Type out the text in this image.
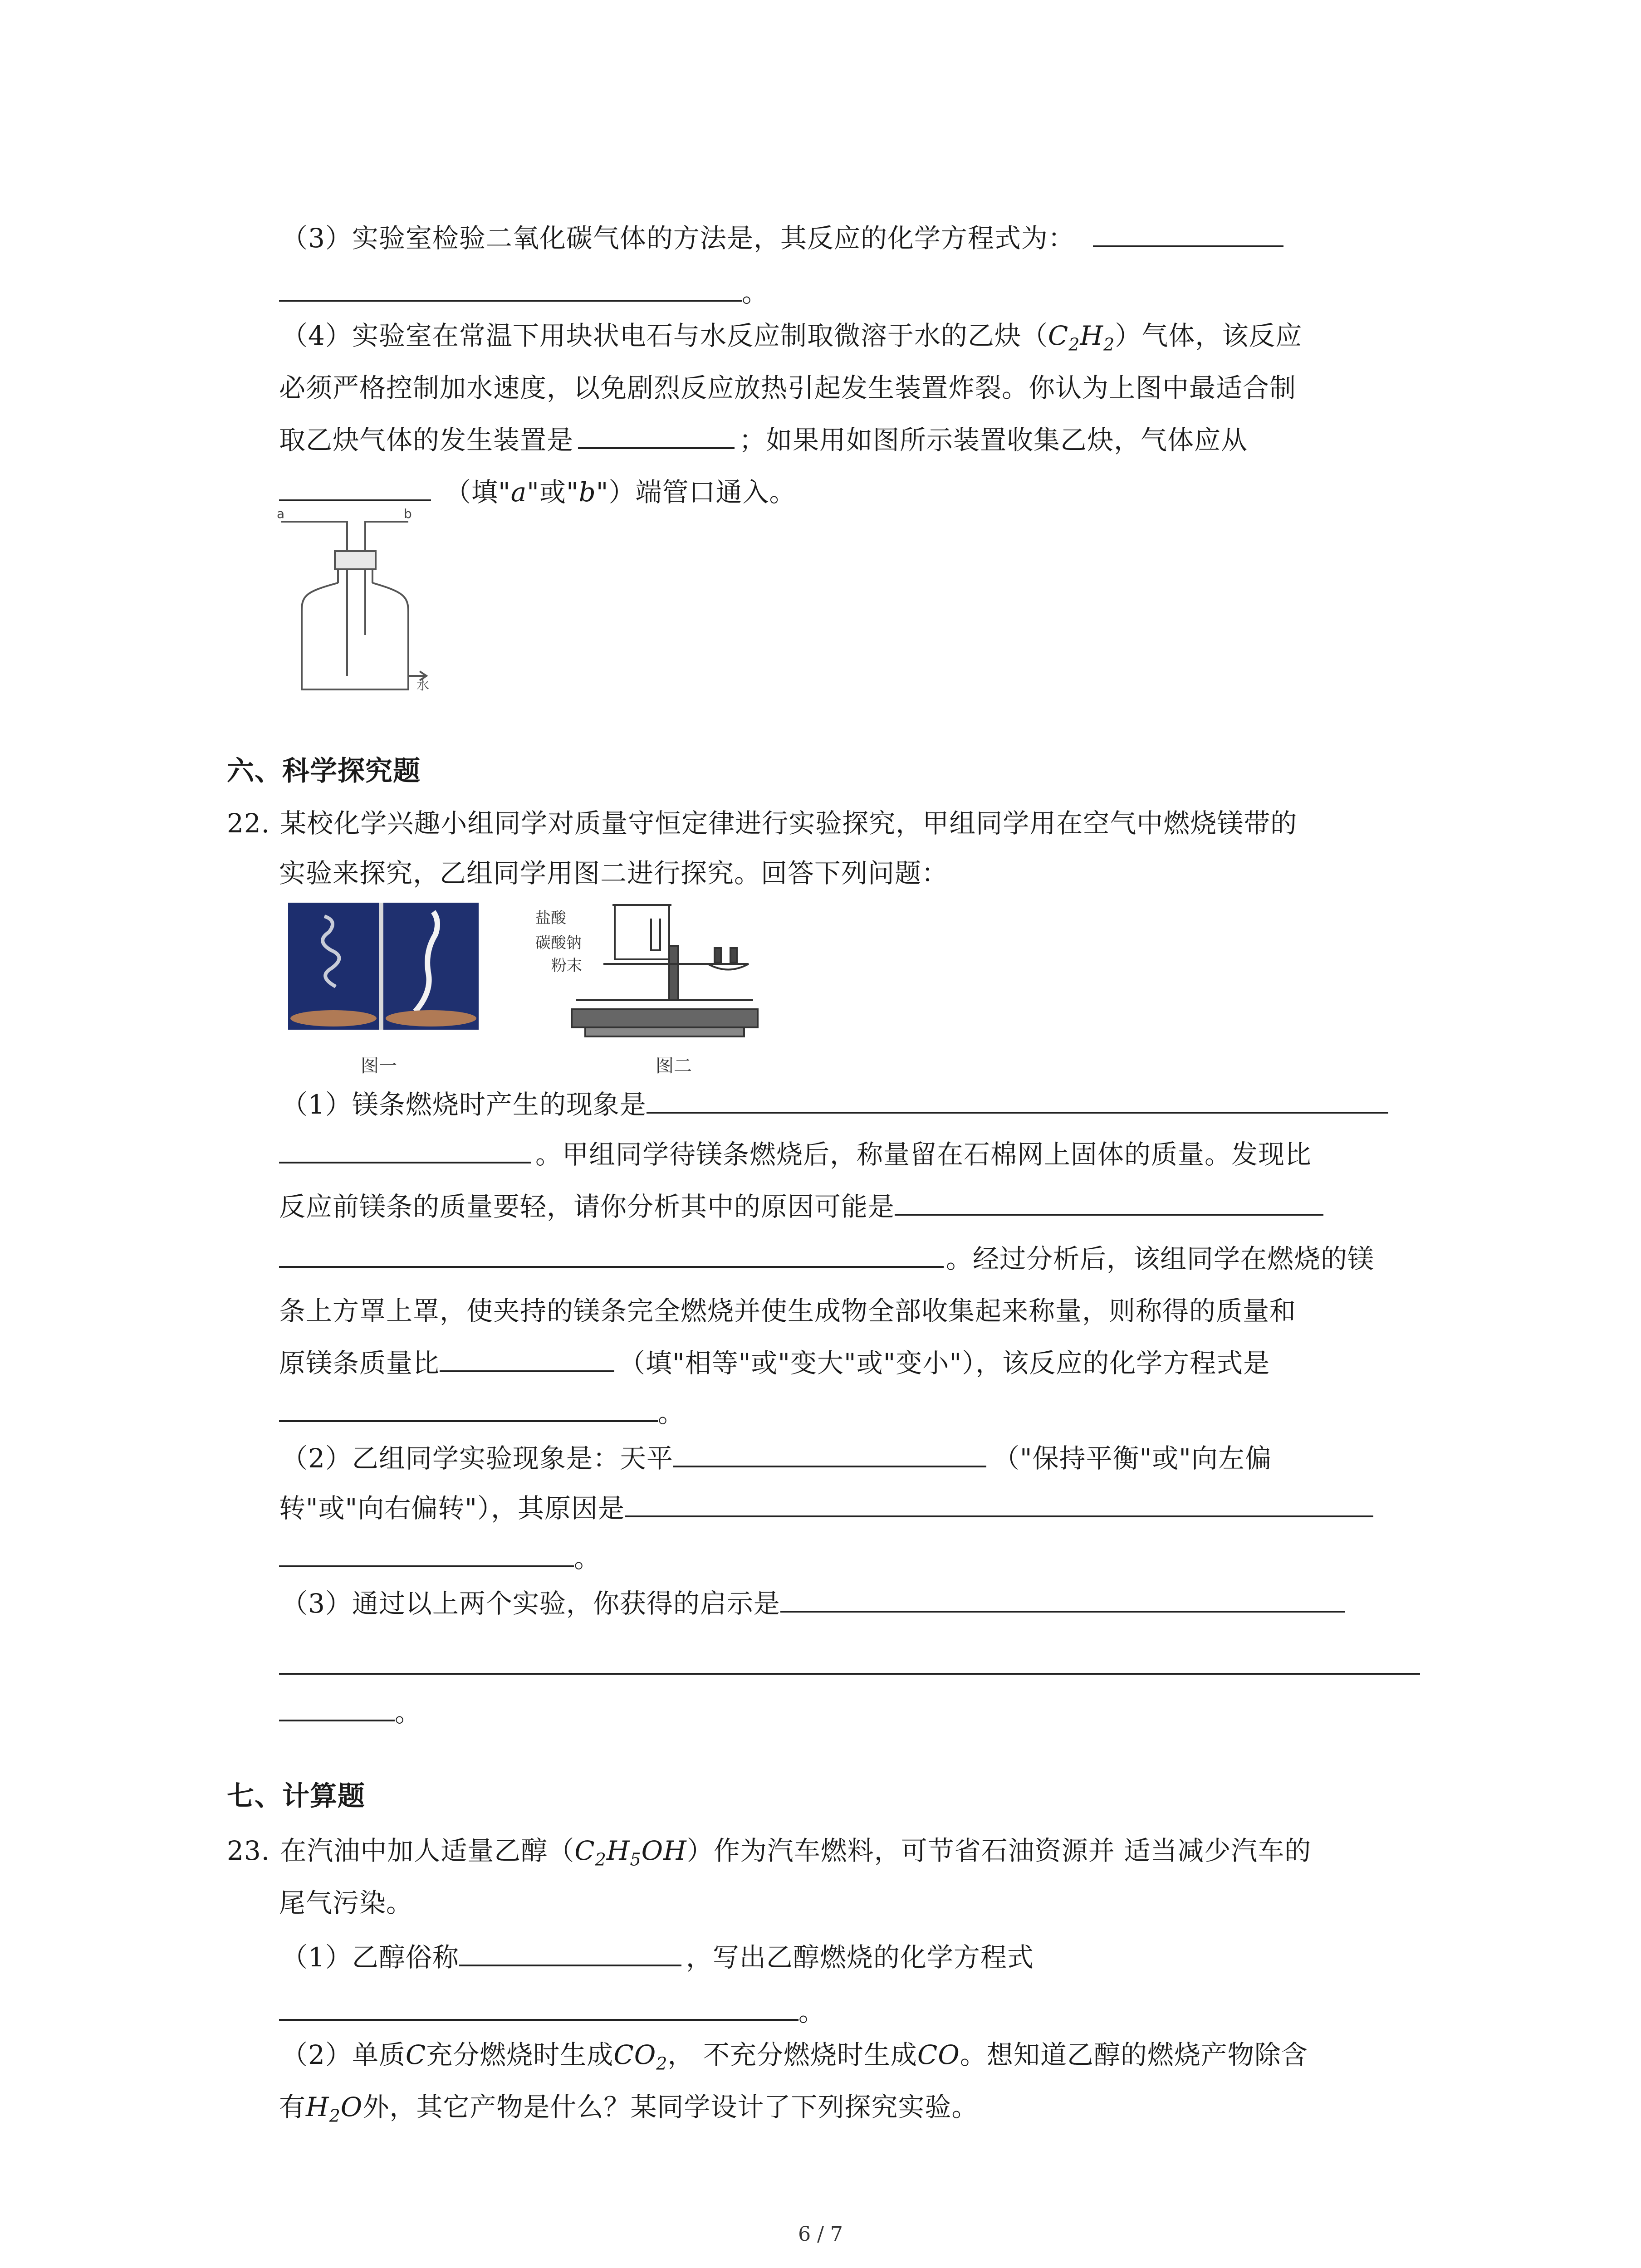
（3）实验室检验二氧化碳气体的方法是，其反应的化学方程式为：
。
（4）实验室在常温下用块状电石与水反应制取微溶于水的乙炔$(C_2H_2)$气体，该反应
必须严格控制加水速度，以免剧烈反应放热引起发生装置炸裂。你认为上图中最适合制
取乙炔气体的发生装置是	；如果用如图所示装置收集乙炔，气体应从
（填"a"或"b"）端管口通入。
a	b
水
六、科学探究题
22. 某校化学兴趣小组同学对质量守恒定律进行实验探究，甲组同学用在空气中燃烧镁带的
实验来探究，乙组同学用图二进行探究。回答下列问题：
图一
盐酸
碳酸钠
粉末
图二
（1）镁条燃烧时产生的现象是
。甲组同学待镁条燃烧后，称量留在石棉网上固体的质量。发现比
反应前镁条的质量要轻，请你分析其中的原因可能是
。经过分析后，该组同学在燃烧的镁
条上方罩上罩，使夹持的镁条完全燃烧并使生成物全部收集起来称量，则称得的质量和
原镁条质量比	（填"相等"或"变大"或"变小"），该反应的化学方程式是
。
（2）乙组同学实验现象是：天平	（"保持平衡"或"向左偏
转"或"向右偏转"），其原因是
。
（3）通过以上两个实验，你获得的启示是
。
七、计算题
23. 在汽油中加人适量乙醇$(C_2H_5OH)$作为汽车燃料，可节省石油资源并 适当减少汽车的
尾气污染。
（1）乙醇俗称	，写出乙醇燃烧的化学方程式
。
（2）单质C充分燃烧时生成$CO_2$， 不充分燃烧时生成CO。想知道乙醇的燃烧产物除含
有$H_2O$外，其它产物是什么？某同学设计了下列探究实验。
6 / 7
